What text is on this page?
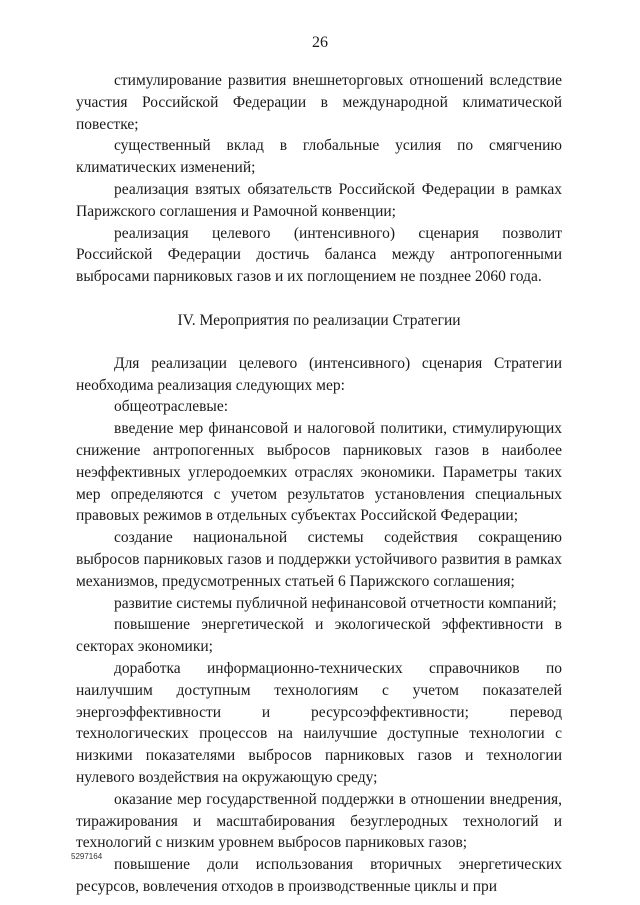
26

стимулирование развития внешнеторговых отношений вследствие участия Российской Федерации в международной климатической повестке;

существенный вклад в глобальные усилия по смягчению климатических изменений;

реализация взятых обязательств Российской Федерации в рамках Парижского соглашения и Рамочной конвенции;

реализация целевого (интенсивного) сценария позволит Российской Федерации достичь баланса между антропогенными выбросами парниковых газов и их поглощением не позднее 2060 года.

IV. Мероприятия по реализации Стратегии

Для реализации целевого (интенсивного) сценария Стратегии необходима реализация следующих мер:

общеотраслевые:

введение мер финансовой и налоговой политики, стимулирующих снижение антропогенных выбросов парниковых газов в наиболее неэффективных углеродоемких отраслях экономики. Параметры таких мер определяются с учетом результатов установления специальных правовых режимов в отдельных субъектах Российской Федерации;

создание национальной системы содействия сокращению выбросов парниковых газов и поддержки устойчивого развития в рамках механизмов, предусмотренных статьей 6 Парижского соглашения;

развитие системы публичной нефинансовой отчетности компаний;

повышение энергетической и экологической эффективности в секторах экономики;

доработка информационно-технических справочников по наилучшим доступным технологиям с учетом показателей энергоэффективности и ресурсоэффективности; перевод технологических процессов на наилучшие доступные технологии с низкими показателями выбросов парниковых газов и технологии нулевого воздействия на окружающую среду;

оказание мер государственной поддержки в отношении внедрения, тиражирования и масштабирования безуглеродных технологий и технологий с низким уровнем выбросов парниковых газов;

повышение доли использования вторичных энергетических ресурсов, вовлечения отходов в производственные циклы и при

5297164
